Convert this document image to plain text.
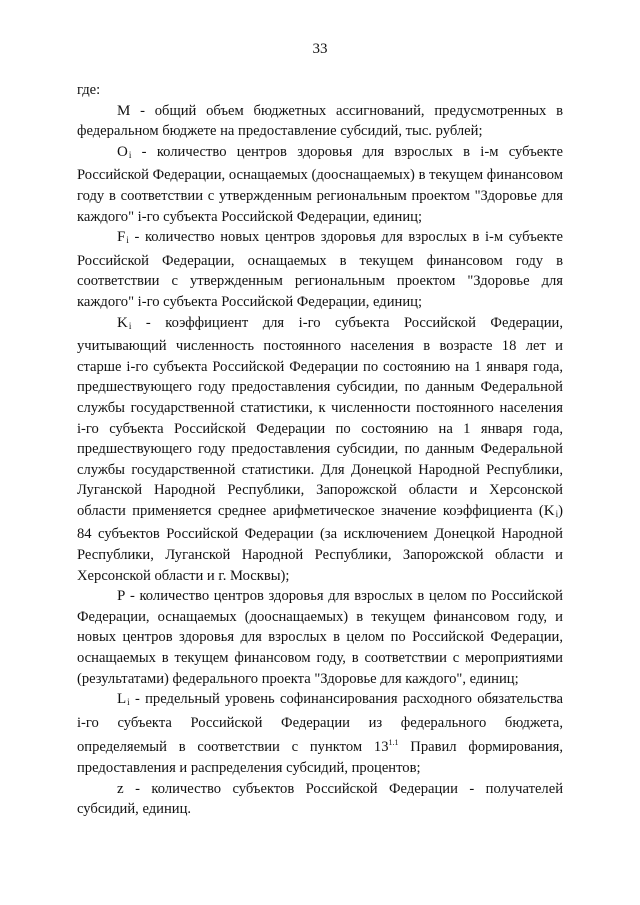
33

где:

М - общий объем бюджетных ассигнований, предусмотренных в федеральном бюджете на предоставление субсидий, тыс. рублей;

$O_i$ - количество центров здоровья для взрослых в i-м субъекте Российской Федерации, оснащаемых (дооснащаемых) в текущем финансовом году в соответствии с утвержденным региональным проектом "Здоровье для каждого" i-го субъекта Российской Федерации, единиц;

$F_i$ - количество новых центров здоровья для взрослых в i-м субъекте Российской Федерации, оснащаемых в текущем финансовом году в соответствии с утвержденным региональным проектом "Здоровье для каждого" i-го субъекта Российской Федерации, единиц;

$K_i$ - коэффициент для i-го субъекта Российской Федерации, учитывающий численность постоянного населения в возрасте 18 лет и старше i-го субъекта Российской Федерации по состоянию на 1 января года, предшествующего году предоставления субсидии, по данным Федеральной службы государственной статистики, к численности постоянного населения i-го субъекта Российской Федерации по состоянию на 1 января года, предшествующего году предоставления субсидии, по данным Федеральной службы государственной статистики. Для Донецкой Народной Республики, Луганской Народной Республики, Запорожской области и Херсонской области применяется среднее арифметическое значение коэффициента $(K_i)$ 84 субъектов Российской Федерации (за исключением Донецкой Народной Республики, Луганской Народной Республики, Запорожской области и Херсонской области и г. Москвы);

Р - количество центров здоровья для взрослых в целом по Российской Федерации, оснащаемых (дооснащаемых) в текущем финансовом году, и новых центров здоровья для взрослых в целом по Российской Федерации, оснащаемых в текущем финансовом году, в соответствии с мероприятиями (результатами) федерального проекта "Здоровье для каждого", единиц;

$L_i$ - предельный уровень софинансирования расходного обязательства i-го субъекта Российской Федерации из федерального бюджета, определяемый в соответствии с пунктом $13^{1.1}$ Правил формирования, предоставления и распределения субсидий, процентов;

z - количество субъектов Российской Федерации - получателей субсидий, единиц.
